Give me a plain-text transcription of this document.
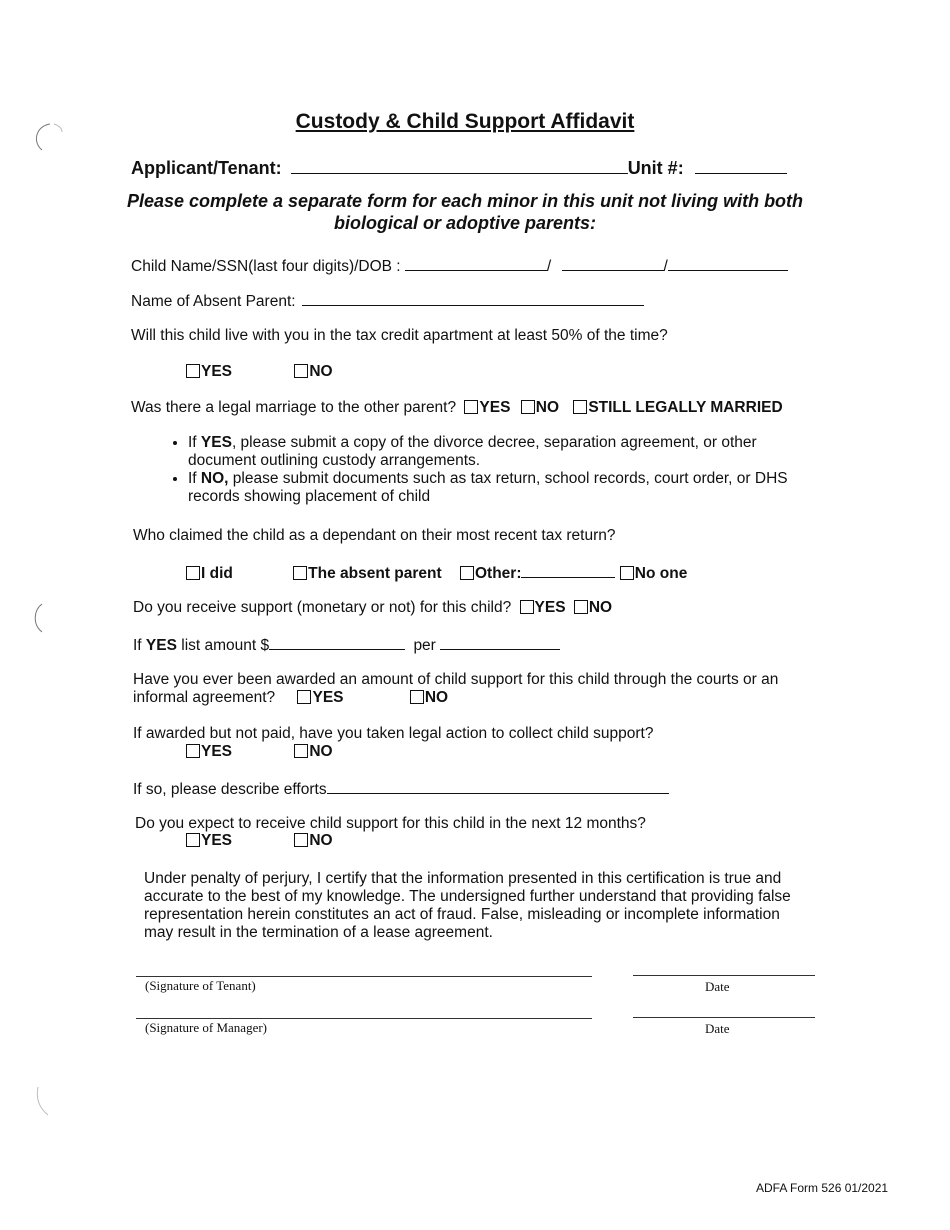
Custody & Child Support Affidavit
Applicant/Tenant:	Unit #:
Please complete a separate form for each minor in this unit not living with both biological or adoptive parents:
Child Name/SSN(last four digits)/DOB :	/	/
Name of Absent Parent:
Will this child live with you in the tax credit apartment at least 50% of the time?
YES	NO
Was there a legal marriage to the other parent? YES NO STILL LEGALLY MARRIED
• If YES, please submit a copy of the divorce decree, separation agreement, or other document outlining custody arrangements.
• If NO, please submit documents such as tax return, school records, court order, or DHS records showing placement of child
Who claimed the child as a dependant on their most recent tax return?
I did	The absent parent Other:	No one
Do you receive support (monetary or not) for this child? YES NO
If YES list amount $	per
Have you ever been awarded an amount of child support for this child through the courts or an
informal agreement? YES	NO
If awarded but not paid, have you taken legal action to collect child support?
YES	NO
If so, please describe efforts
Do you expect to receive child support for this child in the next 12 months?
YES	NO
Under penalty of perjury, I certify that the information presented in this certification is true and accurate to the best of my knowledge. The undersigned further understand that providing false representation herein constitutes an act of fraud. False, misleading or incomplete information may result in the termination of a lease agreement.
(Signature of Tenant)	Date
(Signature of Manager)	Date
ADFA Form 526 01/2021
